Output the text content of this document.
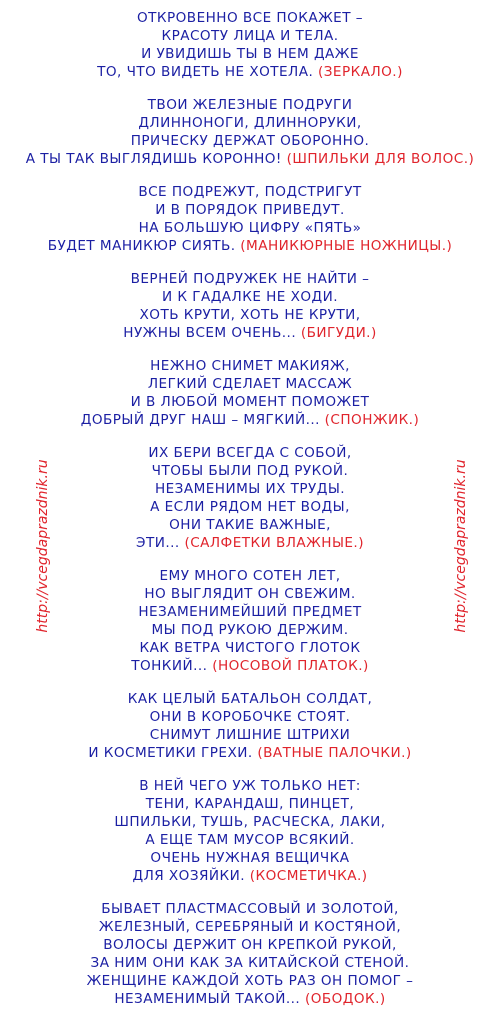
ОТКРОВЕННО ВСЕ ПОКАЖЕТ –
КРАСОТУ ЛИЦА И ТЕЛА.
И УВИДИШЬ ТЫ В НЕМ ДАЖЕ
ТО, ЧТО ВИДЕТЬ НЕ ХОТЕЛА. (ЗЕРКАЛО.)
ТВОИ ЖЕЛЕЗНЫЕ ПОДРУГИ
ДЛИННОНОГИ, ДЛИННОРУКИ,
ПРИЧЕСКУ ДЕРЖАТ ОБОРОННО.
А ТЫ ТАК ВЫГЛЯДИШЬ КОРОННО! (ШПИЛЬКИ ДЛЯ ВОЛОС.)
ВСЕ ПОДРЕЖУТ, ПОДСТРИГУТ
И В ПОРЯДОК ПРИВЕДУТ.
НА БОЛЬШУЮ ЦИФРУ «ПЯТЬ»
БУДЕТ МАНИКЮР СИЯТЬ. (МАНИКЮРНЫЕ НОЖНИЦЫ.)
ВЕРНЕЙ ПОДРУЖЕК НЕ НАЙТИ –
И К ГАДАЛКЕ НЕ ХОДИ.
ХОТЬ КРУТИ, ХОТЬ НЕ КРУТИ,
НУЖНЫ ВСЕМ ОЧЕНЬ... (БИГУДИ.)
НЕЖНО СНИМЕТ МАКИЯЖ,
ЛЕГКИЙ СДЕЛАЕТ МАССАЖ
И В ЛЮБОЙ МОМЕНТ ПОМОЖЕТ
ДОБРЫЙ ДРУГ НАШ – МЯГКИЙ... (СПОНЖИК.)
ИХ БЕРИ ВСЕГДА С СОБОЙ,
ЧТОБЫ БЫЛИ ПОД РУКОЙ.
НЕЗАМЕНИМЫ ИХ ТРУДЫ.
А ЕСЛИ РЯДОМ НЕТ ВОДЫ,
ОНИ ТАКИЕ ВАЖНЫЕ,
ЭТИ... (САЛФЕТКИ ВЛАЖНЫЕ.)
ЕМУ МНОГО СОТЕН ЛЕТ,
НО ВЫГЛЯДИТ ОН СВЕЖИМ.
НЕЗАМЕНИМЕЙШИЙ ПРЕДМЕТ
МЫ ПОД РУКОЮ ДЕРЖИМ.
КАК ВЕТРА ЧИСТОГО ГЛОТОК
ТОНКИЙ... (НОСОВОЙ ПЛАТОК.)
КАК ЦЕЛЫЙ БАТАЛЬОН СОЛДАТ,
ОНИ В КОРОБОЧКЕ СТОЯТ.
СНИМУТ ЛИШНИЕ ШТРИХИ
И КОСМЕТИКИ ГРЕХИ. (ВАТНЫЕ ПАЛОЧКИ.)
В НЕЙ ЧЕГО УЖ ТОЛЬКО НЕТ:
ТЕНИ, КАРАНДАШ, ПИНЦЕТ,
ШПИЛЬКИ, ТУШЬ, РАСЧЕСКА, ЛАКИ,
А ЕЩЕ ТАМ МУСОР ВСЯКИЙ.
ОЧЕНЬ НУЖНАЯ ВЕЩИЧКА
ДЛЯ ХОЗЯЙКИ. (КОСМЕТИЧКА.)
БЫВАЕТ ПЛАСТМАССОВЫЙ И ЗОЛОТОЙ,
ЖЕЛЕЗНЫЙ, СЕРЕБРЯНЫЙ И КОСТЯНОЙ,
ВОЛОСЫ ДЕРЖИТ ОН КРЕПКОЙ РУКОЙ,
ЗА НИМ ОНИ КАК ЗА КИТАЙСКОЙ СТЕНОЙ.
ЖЕНЩИНЕ КАЖДОЙ ХОТЬ РАЗ ОН ПОМОГ –
НЕЗАМЕНИМЫЙ ТАКОЙ... (ОБОДОК.)
http://vcegdaprazdnik.ru	http://vcegdaprazdnik.ru
